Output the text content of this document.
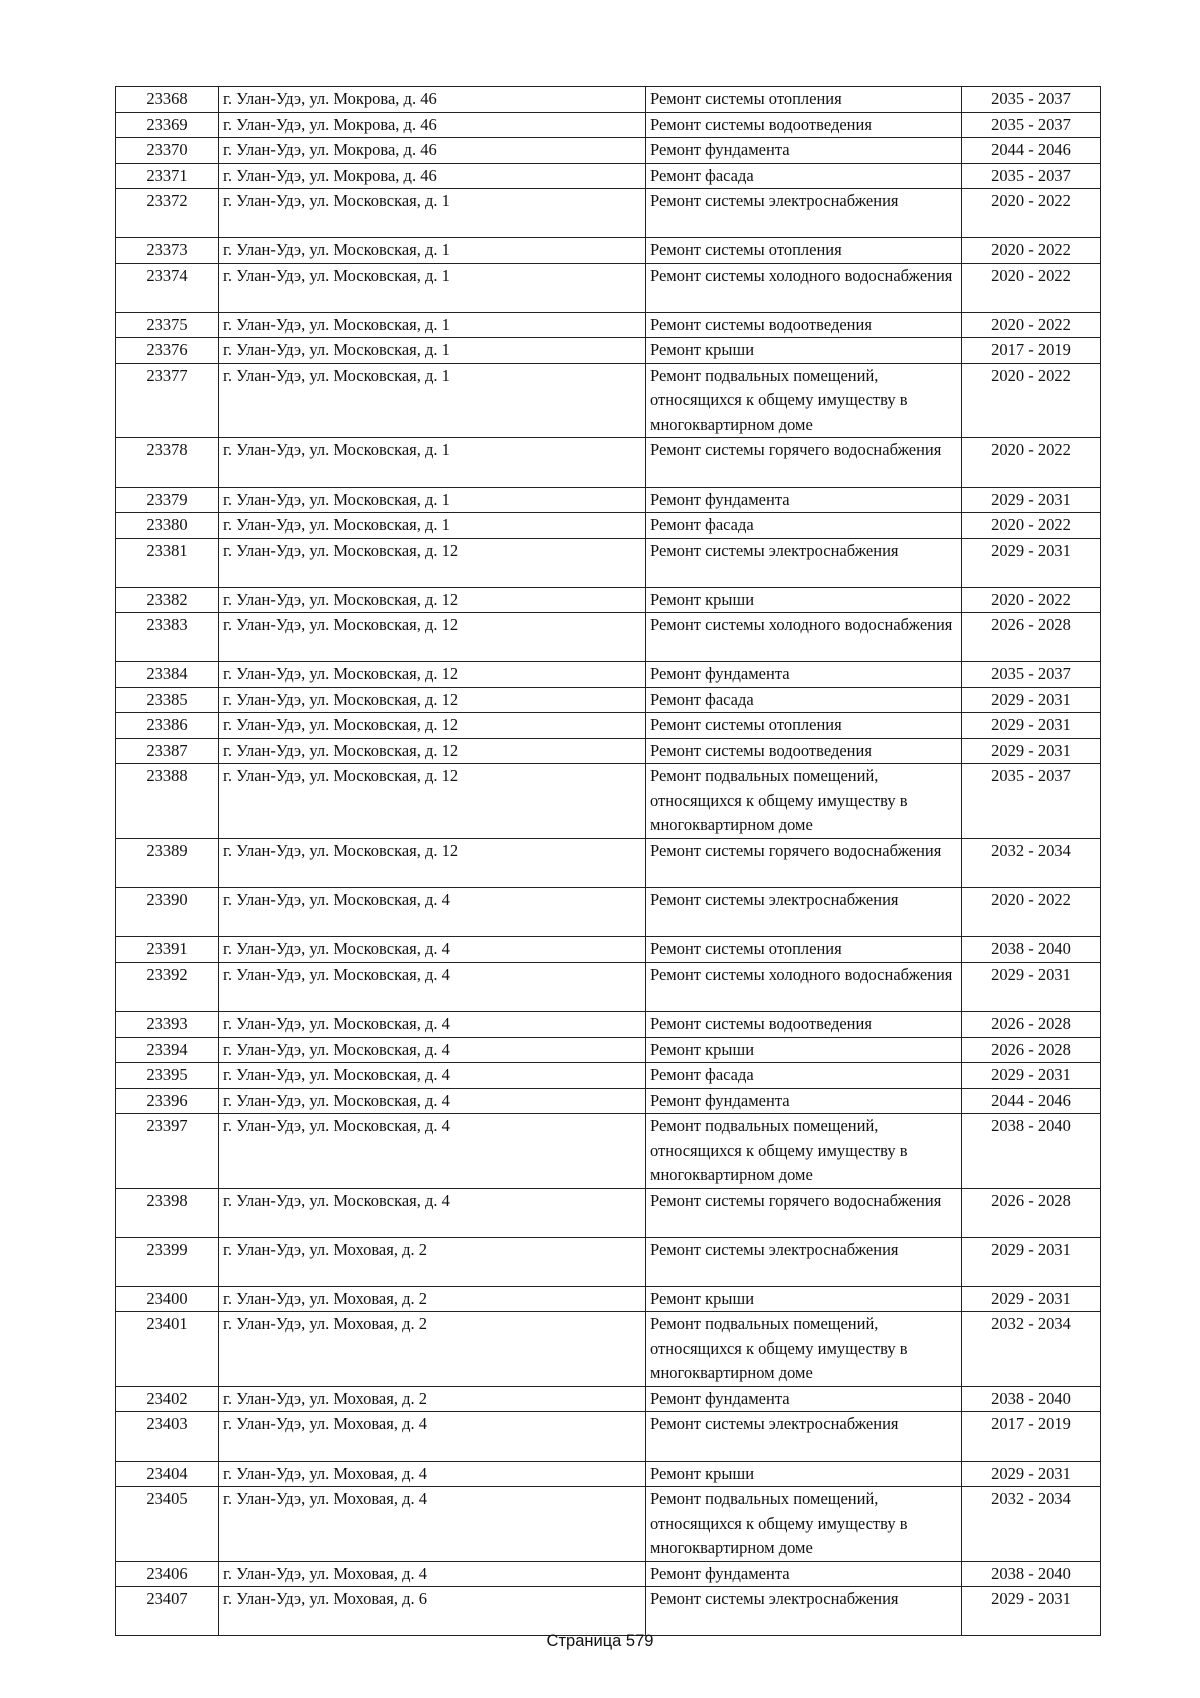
23368	г. Улан-Удэ, ул. Мокрова, д. 46	Ремонт системы отопления	2035 - 2037
23369	г. Улан-Удэ, ул. Мокрова, д. 46	Ремонт системы водоотведения	2035 - 2037
23370	г. Улан-Удэ, ул. Мокрова, д. 46	Ремонт фундамента	2044 - 2046
23371	г. Улан-Удэ, ул. Мокрова, д. 46	Ремонт фасада	2035 - 2037
23372	г. Улан-Удэ, ул. Московская, д. 1	Ремонт системы электроснабжения	2020 - 2022
23373	г. Улан-Удэ, ул. Московская, д. 1	Ремонт системы отопления	2020 - 2022
23374	г. Улан-Удэ, ул. Московская, д. 1	Ремонт системы холодного водоснабжения	2020 - 2022
23375	г. Улан-Удэ, ул. Московская, д. 1	Ремонт системы водоотведения	2020 - 2022
23376	г. Улан-Удэ, ул. Московская, д. 1	Ремонт крыши	2017 - 2019
23377	г. Улан-Удэ, ул. Московская, д. 1	Ремонт подвальных помещений, относящихся к общему имуществу в многоквартирном доме	2020 - 2022
23378	г. Улан-Удэ, ул. Московская, д. 1	Ремонт системы горячего водоснабжения	2020 - 2022
23379	г. Улан-Удэ, ул. Московская, д. 1	Ремонт фундамента	2029 - 2031
23380	г. Улан-Удэ, ул. Московская, д. 1	Ремонт фасада	2020 - 2022
23381	г. Улан-Удэ, ул. Московская, д. 12	Ремонт системы электроснабжения	2029 - 2031
23382	г. Улан-Удэ, ул. Московская, д. 12	Ремонт крыши	2020 - 2022
23383	г. Улан-Удэ, ул. Московская, д. 12	Ремонт системы холодного водоснабжения	2026 - 2028
23384	г. Улан-Удэ, ул. Московская, д. 12	Ремонт фундамента	2035 - 2037
23385	г. Улан-Удэ, ул. Московская, д. 12	Ремонт фасада	2029 - 2031
23386	г. Улан-Удэ, ул. Московская, д. 12	Ремонт системы отопления	2029 - 2031
23387	г. Улан-Удэ, ул. Московская, д. 12	Ремонт системы водоотведения	2029 - 2031
23388	г. Улан-Удэ, ул. Московская, д. 12	Ремонт подвальных помещений, относящихся к общему имуществу в многоквартирном доме	2035 - 2037
23389	г. Улан-Удэ, ул. Московская, д. 12	Ремонт системы горячего водоснабжения	2032 - 2034
23390	г. Улан-Удэ, ул. Московская, д. 4	Ремонт системы электроснабжения	2020 - 2022
23391	г. Улан-Удэ, ул. Московская, д. 4	Ремонт системы отопления	2038 - 2040
23392	г. Улан-Удэ, ул. Московская, д. 4	Ремонт системы холодного водоснабжения	2029 - 2031
23393	г. Улан-Удэ, ул. Московская, д. 4	Ремонт системы водоотведения	2026 - 2028
23394	г. Улан-Удэ, ул. Московская, д. 4	Ремонт крыши	2026 - 2028
23395	г. Улан-Удэ, ул. Московская, д. 4	Ремонт фасада	2029 - 2031
23396	г. Улан-Удэ, ул. Московская, д. 4	Ремонт фундамента	2044 - 2046
23397	г. Улан-Удэ, ул. Московская, д. 4	Ремонт подвальных помещений, относящихся к общему имуществу в многоквартирном доме	2038 - 2040
23398	г. Улан-Удэ, ул. Московская, д. 4	Ремонт системы горячего водоснабжения	2026 - 2028
23399	г. Улан-Удэ, ул. Моховая, д. 2	Ремонт системы электроснабжения	2029 - 2031
23400	г. Улан-Удэ, ул. Моховая, д. 2	Ремонт крыши	2029 - 2031
23401	г. Улан-Удэ, ул. Моховая, д. 2	Ремонт подвальных помещений, относящихся к общему имуществу в многоквартирном доме	2032 - 2034
23402	г. Улан-Удэ, ул. Моховая, д. 2	Ремонт фундамента	2038 - 2040
23403	г. Улан-Удэ, ул. Моховая, д. 4	Ремонт системы электроснабжения	2017 - 2019
23404	г. Улан-Удэ, ул. Моховая, д. 4	Ремонт крыши	2029 - 2031
23405	г. Улан-Удэ, ул. Моховая, д. 4	Ремонт подвальных помещений, относящихся к общему имуществу в многоквартирном доме	2032 - 2034
23406	г. Улан-Удэ, ул. Моховая, д. 4	Ремонт фундамента	2038 - 2040
23407	г. Улан-Удэ, ул. Моховая, д. 6	Ремонт системы электроснабжения	2029 - 2031
Страница 579
